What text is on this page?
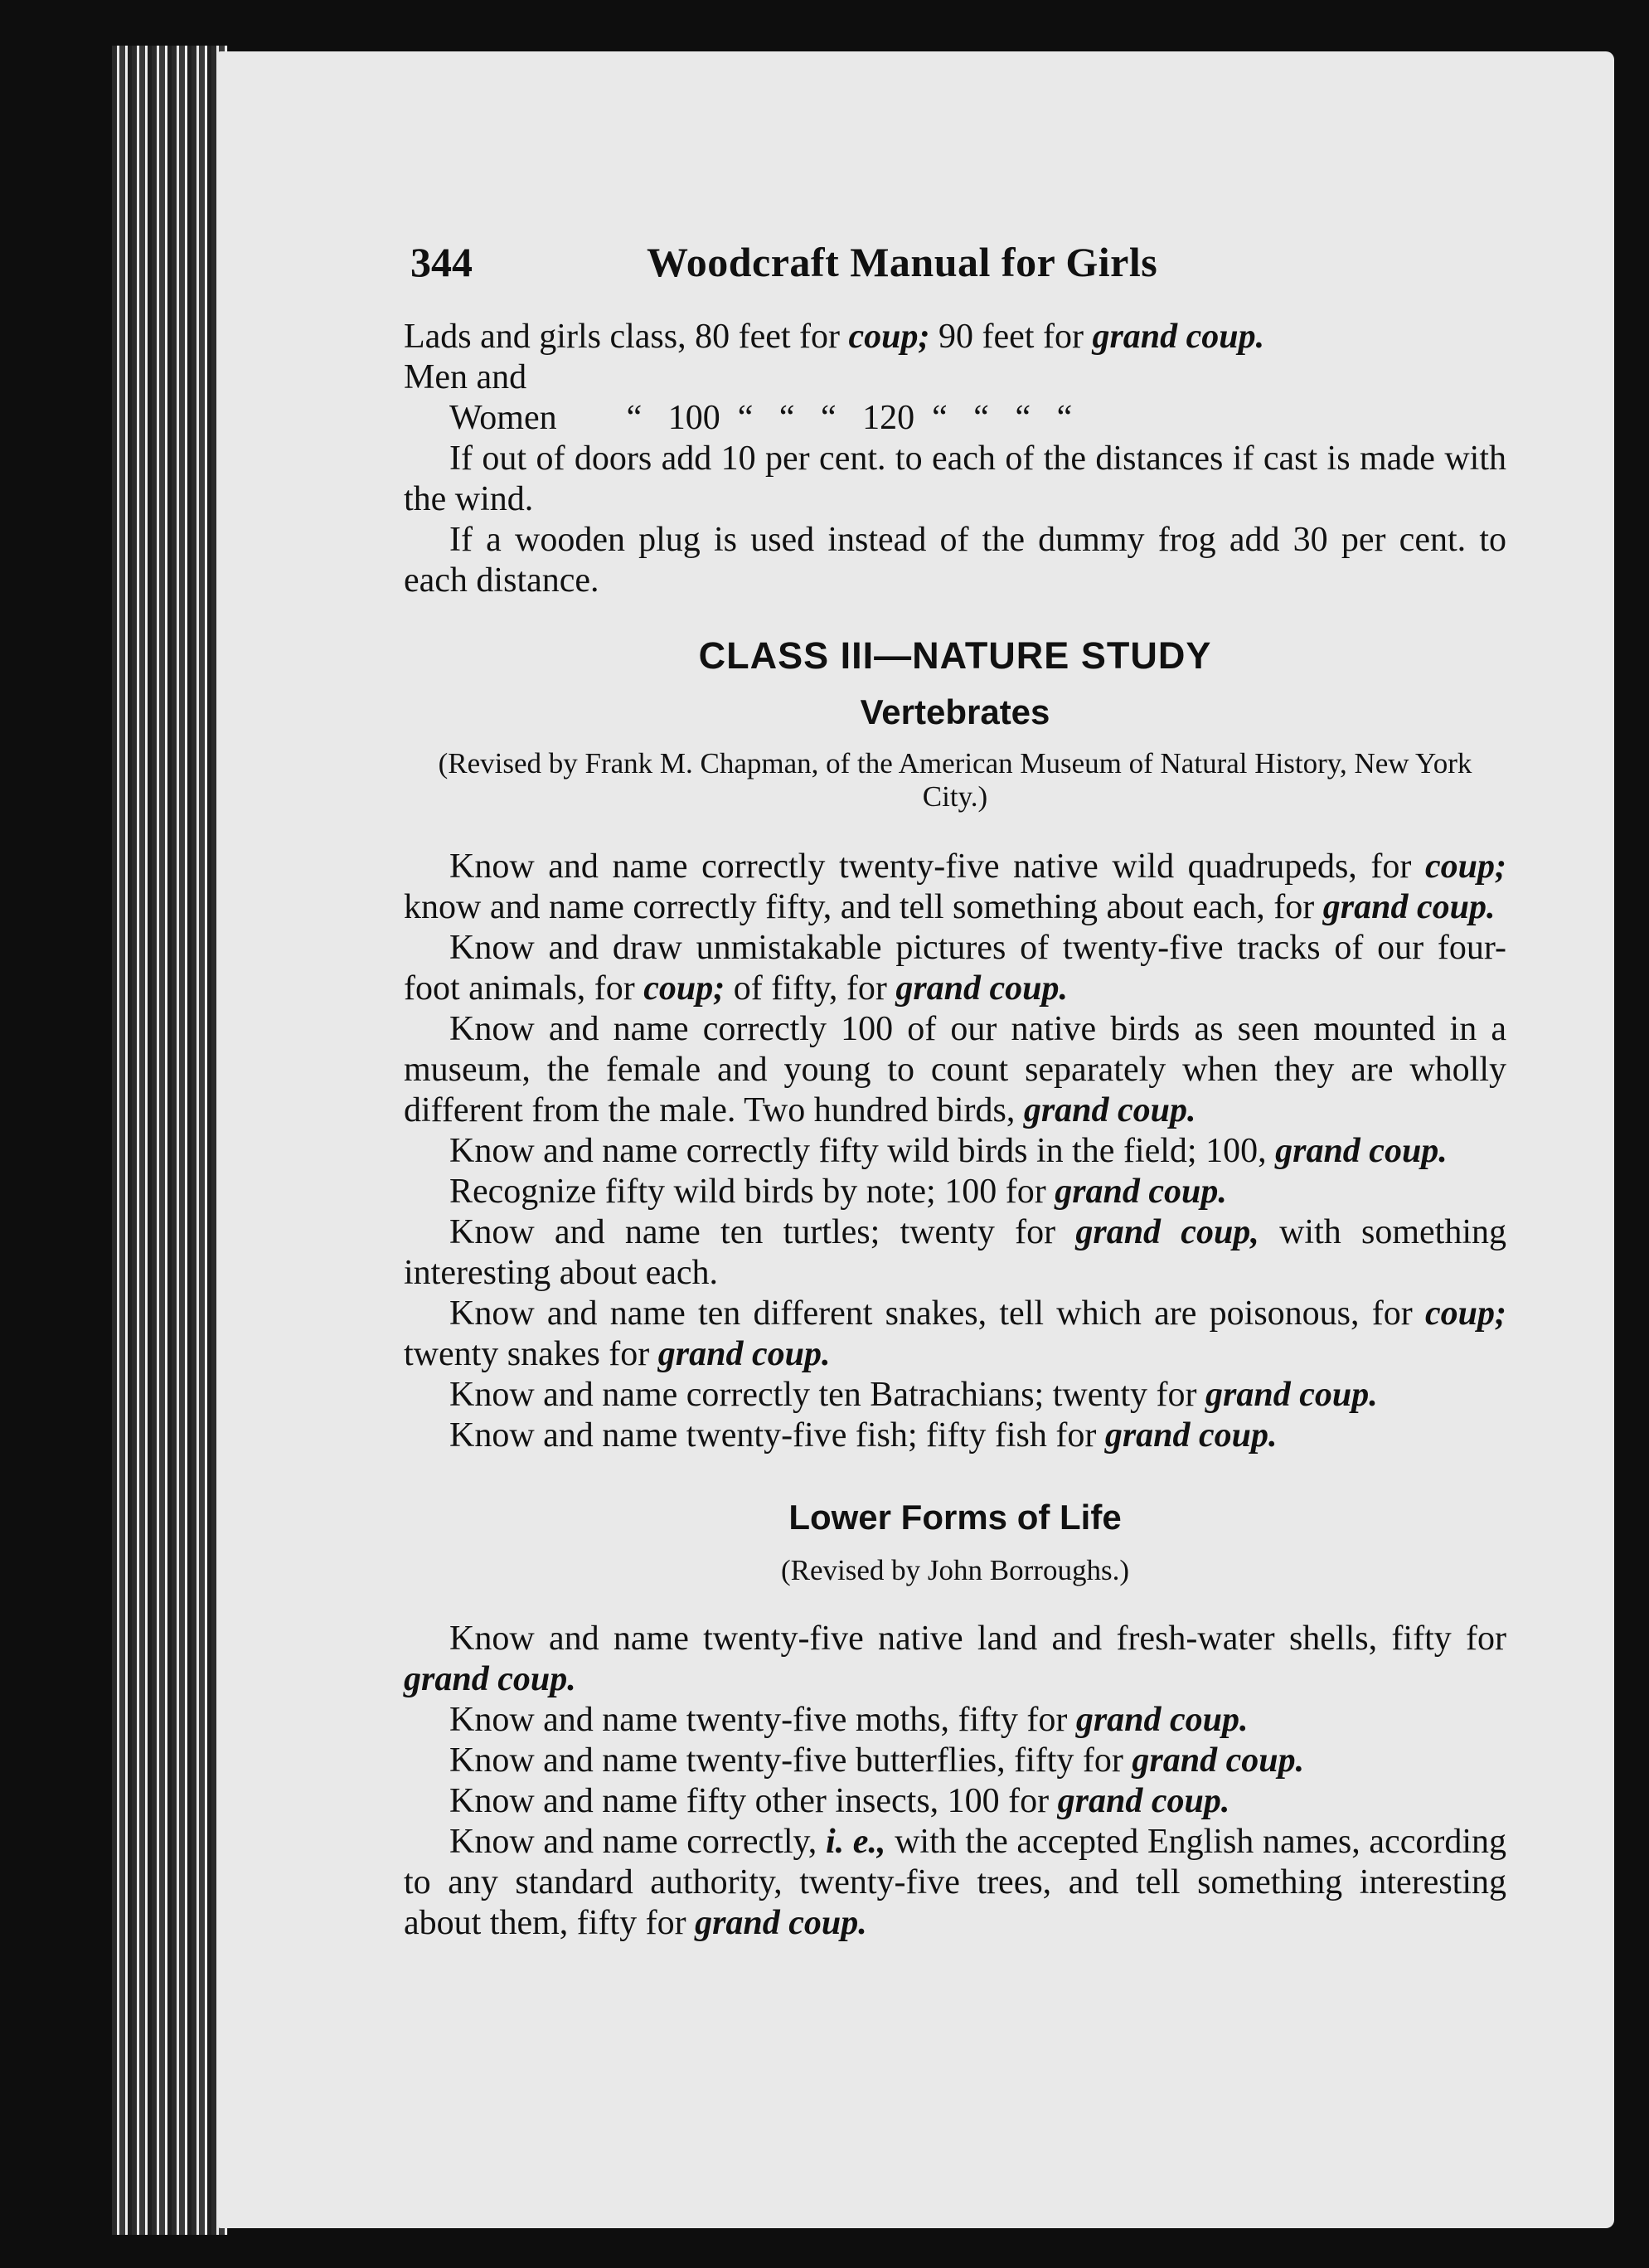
344	Woodcraft Manual for Girls

Lads and girls class, 80 feet for coup; 90 feet for grand coup.

Men and
Women        “   100  “   “   “   120  “   “   “   “

If out of doors add 10 per cent. to each of the distances if cast is made with the wind.

If a wooden plug is used instead of the dummy frog add 30 per cent. to each distance.

CLASS III—NATURE STUDY
Vertebrates
(Revised by Frank M. Chapman, of the American Museum of Natural History, New York City.)

Know and name correctly twenty-five native wild quadrupeds, for coup; know and name correctly fifty, and tell something about each, for grand coup.

Know and draw unmistakable pictures of twenty-five tracks of our four-foot animals, for coup; of fifty, for grand coup.

Know and name correctly 100 of our native birds as seen mounted in a museum, the female and young to count separately when they are wholly different from the male. Two hundred birds, grand coup.

Know and name correctly fifty wild birds in the field; 100, grand coup.

Recognize fifty wild birds by note; 100 for grand coup.

Know and name ten turtles; twenty for grand coup, with something interesting about each.

Know and name ten different snakes, tell which are poisonous, for coup; twenty snakes for grand coup.

Know and name correctly ten Batrachians; twenty for grand coup.

Know and name twenty-five fish; fifty fish for grand coup.

Lower Forms of Life
(Revised by John Borroughs.)

Know and name twenty-five native land and fresh-water shells, fifty for grand coup.

Know and name twenty-five moths, fifty for grand coup.

Know and name twenty-five butterflies, fifty for grand coup.

Know and name fifty other insects, 100 for grand coup.

Know and name correctly, i. e., with the accepted English names, according to any standard authority, twenty-five trees, and tell something interesting about them, fifty for grand coup.
